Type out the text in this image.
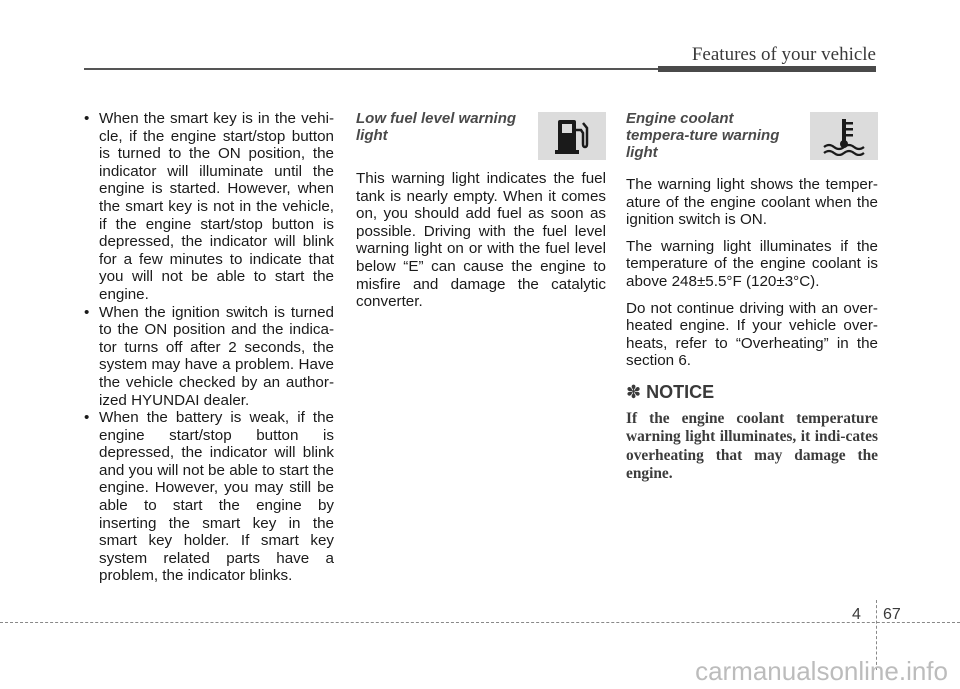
Features of your vehicle
• When the smart key is in the vehi-cle, if the engine start/stop button is turned to the ON position, the indicator will illuminate until the engine is started. However, when the smart key is not in the vehicle, if the engine start/stop button is depressed, the indicator will blink for a few minutes to indicate that you will not be able to start the engine.
• When the ignition switch is turned to the ON position and the indica-tor turns off after 2 seconds, the system may have a problem. Have the vehicle checked by an author-ized HYUNDAI dealer.
• When the battery is weak, if the engine start/stop button is depressed, the indicator will blink and you will not be able to start the engine. However, you may still be able to start the engine by inserting the smart key in the smart key holder. If smart key system related parts have a problem, the indicator blinks.
Low fuel level warning light

This warning light indicates the fuel tank is nearly empty. When it comes on, you should add fuel as soon as possible. Driving with the fuel level warning light on or with the fuel level below “E” can cause the engine to misfire and damage the catalytic converter.

Engine coolant tempera-ture warning light

The warning light shows the temper-ature of the engine coolant when the ignition switch is ON.

The warning light illuminates if the temperature of the engine coolant is above 248±5.5°F (120±3°C).

Do not continue driving with an over-heated engine. If your vehicle over-heats, refer to “Overheating” in the section 6.

✽ NOTICE
If the engine coolant temperature warning light illuminates, it indi-cates overheating that may damage the engine.
4 67
carmanualsonline.info
